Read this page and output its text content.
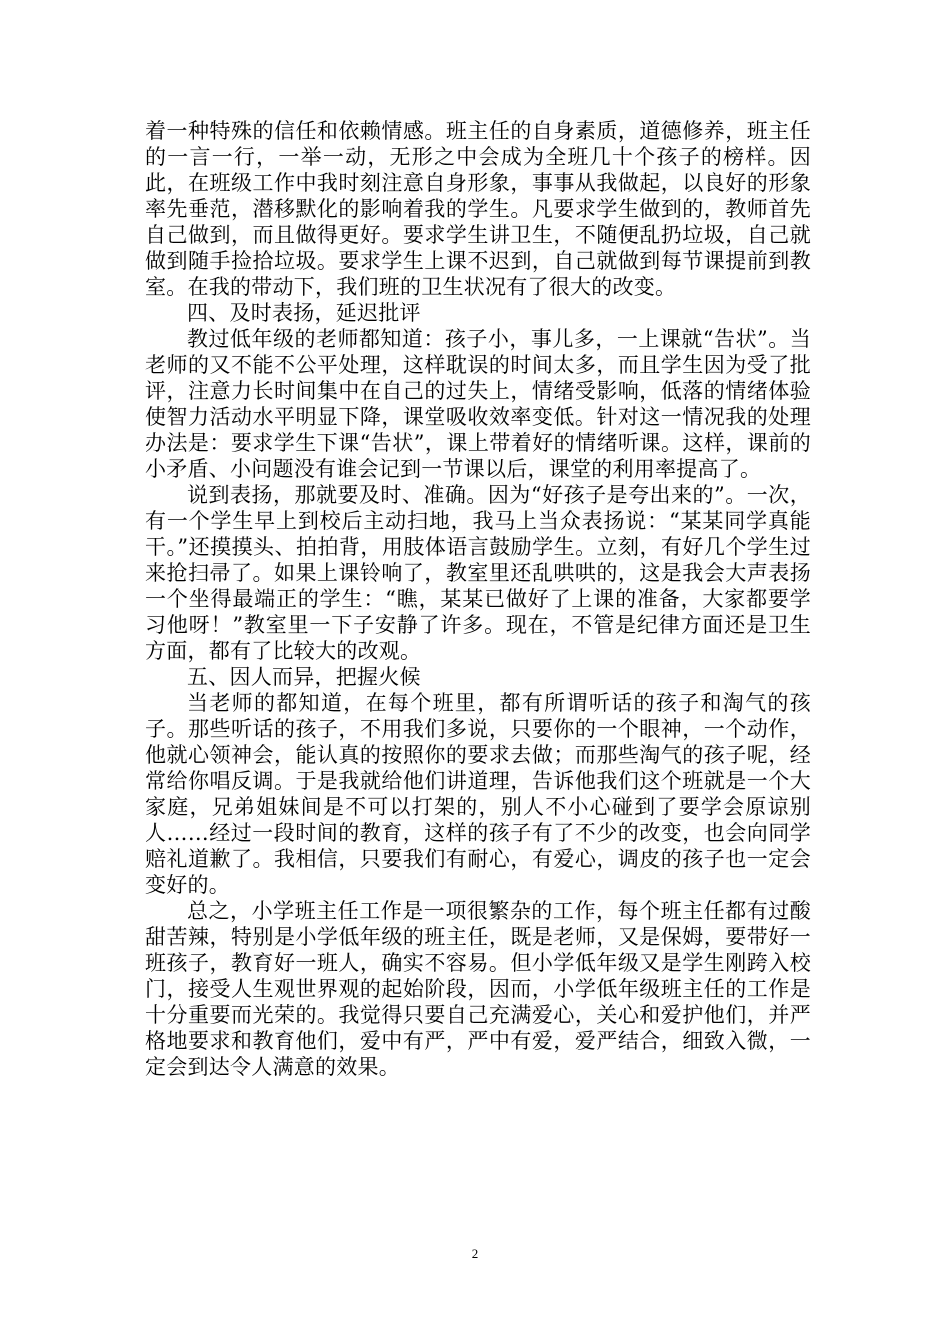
着一种特殊的信任和依赖情感。班主任的自身素质，道德修养，班主任的一言一行，一举一动，无形之中会成为全班几十个孩子的榜样。因此，在班级工作中我时刻注意自身形象，事事从我做起，以良好的形象率先垂范，潜移默化的影响着我的学生。凡要求学生做到的，教师首先自己做到，而且做得更好。要求学生讲卫生，不随便乱扔垃圾，自己就做到随手捡拾垃圾。要求学生上课不迟到，自己就做到每节课提前到教室。在我的带动下，我们班的卫生状况有了很大的改变。

四、及时表扬，延迟批评

教过低年级的老师都知道：孩子小，事儿多，一上课就“告状”。当老师的又不能不公平处理，这样耽误的时间太多，而且学生因为受了批评，注意力长时间集中在自己的过失上，情绪受影响，低落的情绪体验使智力活动水平明显下降，课堂吸收效率变低。针对这一情况我的处理办法是：要求学生下课“告状”，课上带着好的情绪听课。这样，课前的小矛盾、小问题没有谁会记到一节课以后，课堂的利用率提高了。

说到表扬，那就要及时、准确。因为“好孩子是夸出来的”。一次，有一个学生早上到校后主动扫地，我马上当众表扬说：“某某同学真能干。”还摸摸头、拍拍背，用肢体语言鼓励学生。立刻，有好几个学生过来抢扫帚了。如果上课铃响了，教室里还乱哄哄的，这是我会大声表扬一个坐得最端正的学生：“瞧，某某已做好了上课的准备，大家都要学习他呀！”教室里一下子安静了许多。现在，不管是纪律方面还是卫生方面，都有了比较大的改观。

五、因人而异，把握火候

当老师的都知道，在每个班里，都有所谓听话的孩子和淘气的孩子。那些听话的孩子，不用我们多说，只要你的一个眼神，一个动作，他就心领神会，能认真的按照你的要求去做；而那些淘气的孩子呢，经常给你唱反调。于是我就给他们讲道理，告诉他我们这个班就是一个大家庭，兄弟姐妹间是不可以打架的，别人不小心碰到了要学会原谅别人……经过一段时间的教育，这样的孩子有了不少的改变，也会向同学赔礼道歉了。我相信，只要我们有耐心，有爱心，调皮的孩子也一定会变好的。

总之，小学班主任工作是一项很繁杂的工作，每个班主任都有过酸甜苦辣，特别是小学低年级的班主任，既是老师，又是保姆，要带好一班孩子，教育好一班人，确实不容易。但小学低年级又是学生刚跨入校门，接受人生观世界观的起始阶段，因而，小学低年级班主任的工作是十分重要而光荣的。我觉得只要自己充满爱心，关心和爱护他们，并严格地要求和教育他们，爱中有严，严中有爱，爱严结合，细致入微，一定会到达令人满意的效果。

2
